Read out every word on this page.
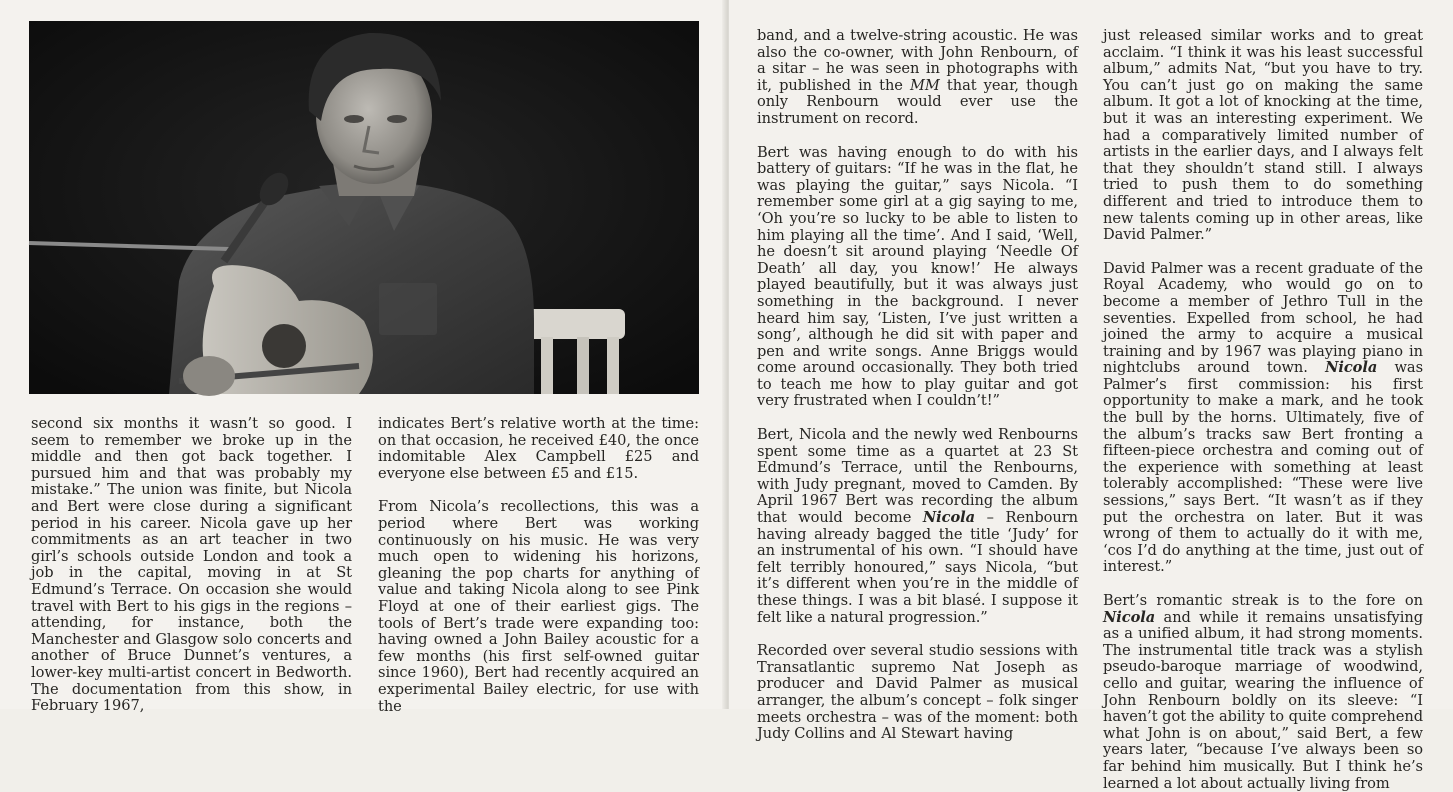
second six months it wasn’t so good. I seem to remember we broke up in the middle and then got back together. I pursued him and that was probably my mistake.” The union was finite, but Nicola and Bert were close during a significant period in his career. Nicola gave up her commitments as an art teacher in two girl’s schools outside London and took a job in the capital, moving in at St Edmund’s Terrace. On occasion she would travel with Bert to his gigs in the regions – attending, for instance, both the Manchester and Glasgow solo concerts and another of Bruce Dunnet’s ventures, a lower-key multi-artist concert in Bedworth. The documentation from this show, in February 1967,

indicates Bert’s relative worth at the time: on that occasion, he received £40, the once indomitable Alex Campbell £25 and everyone else between £5 and £15.

From Nicola’s recollections, this was a period where Bert was working continuously on his music. He was very much open to widening his horizons, gleaning the pop charts for anything of value and taking Nicola along to see Pink Floyd at one of their earliest gigs. The tools of Bert’s trade were expanding too: having owned a John Bailey acoustic for a few months (his first self-owned guitar since 1960), Bert had recently acquired an experimental Bailey electric, for use with the

band, and a twelve-string acoustic. He was also the co-owner, with John Renbourn, of a sitar – he was seen in photographs with it, published in the MM that year, though only Renbourn would ever use the instrument on record.

Bert was having enough to do with his battery of guitars: “If he was in the flat, he was playing the guitar,” says Nicola. “I remember some girl at a gig saying to me, ‘Oh you’re so lucky to be able to listen to him playing all the time’. And I said, ‘Well, he doesn’t sit around playing ‘Needle Of Death’ all day, you know!’ He always played beautifully, but it was always just something in the background. I never heard him say, ‘Listen, I’ve just written a song’, although he did sit with paper and pen and write songs. Anne Briggs would come around occasionally. They both tried to teach me how to play guitar and got very frustrated when I couldn’t!”

Bert, Nicola and the newly wed Renbourns spent some time as a quartet at 23 St Edmund’s Terrace, until the Renbourns, with Judy pregnant, moved to Camden. By April 1967 Bert was recording the album that would become Nicola – Renbourn having already bagged the title ‘Judy’ for an instrumental of his own. “I should have felt terribly honoured,” says Nicola, “but it’s different when you’re in the middle of these things. I was a bit blasé. I suppose it felt like a natural progression.”

Recorded over several studio sessions with Transatlantic supremo Nat Joseph as producer and David Palmer as musical arranger, the album’s concept – folk singer meets orchestra – was of the moment: both Judy Collins and Al Stewart having

just released similar works and to great acclaim. “I think it was his least successful album,” admits Nat, “but you have to try. You can’t just go on making the same album. It got a lot of knocking at the time, but it was an interesting experiment. We had a comparatively limited number of artists in the earlier days, and I always felt that they shouldn’t stand still. I always tried to push them to do something different and tried to introduce them to new talents coming up in other areas, like David Palmer.”

David Palmer was a recent graduate of the Royal Academy, who would go on to become a member of Jethro Tull in the seventies. Expelled from school, he had joined the army to acquire a musical training and by 1967 was playing piano in nightclubs around town. Nicola was Palmer’s first commission: his first opportunity to make a mark, and he took the bull by the horns. Ultimately, five of the album’s tracks saw Bert fronting a fifteen-piece orchestra and coming out of the experience with something at least tolerably accomplished: “These were live sessions,” says Bert. “It wasn’t as if they put the orchestra on later. But it was wrong of them to actually do it with me, ‘cos I’d do anything at the time, just out of interest.”

Bert’s romantic streak is to the fore on Nicola and while it remains unsatisfying as a unified album, it had strong moments. The instrumental title track was a stylish pseudo-baroque marriage of woodwind, cello and guitar, wearing the influence of John Renbourn boldly on its sleeve: “I haven’t got the ability to quite comprehend what John is on about,” said Bert, a few years later, “because I’ve always been so far behind him musically. But I think he’s learned a lot about actually living from
